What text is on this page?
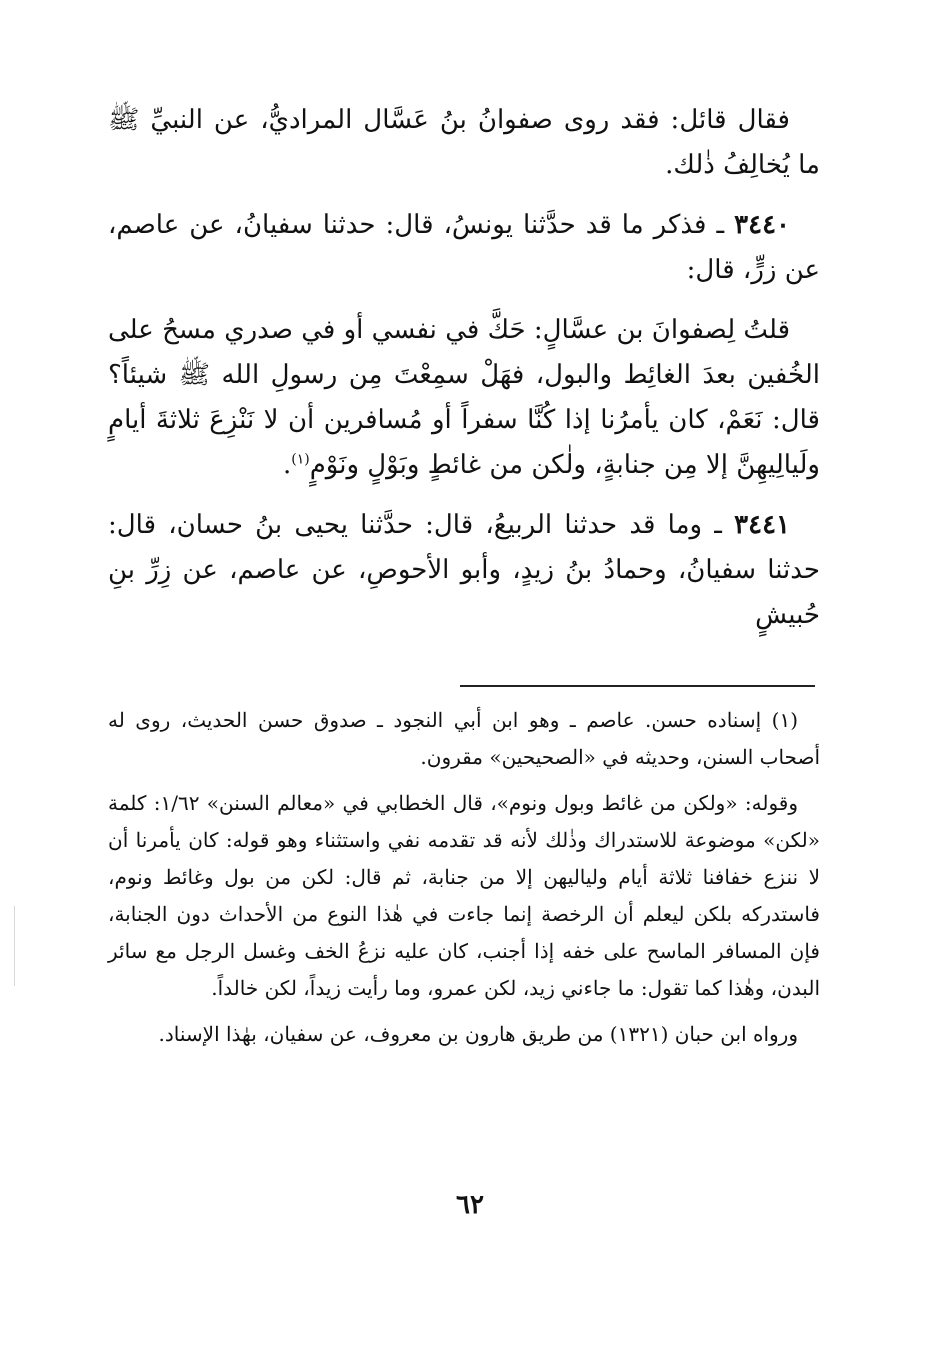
فقال قائل: فقد روى صفوانُ بنُ عَسَّال المراديُّ، عن النبيِّ ﷺ ما يُخالِفُ ذٰلك.

٣٤٤٠ ـ فذكر ما قد حدَّثنا يونسُ، قال: حدثنا سفيانُ، عن عاصم، عن زرٍّ، قال:

قلتُ لِصفوانَ بن عسَّالٍ: حَكَّ في نفسي أو في صدري مسحُ على الخُفين بعدَ الغائِط والبول، فهَلْ سمِعْتَ مِن رسولِ الله ﷺ شيئاً؟ قال: نَعَمْ، كان يأمرُنا إذا كُنَّا سفراً أو مُسافرين أن لا نَنْزِعَ ثلاثةَ أيامٍ ولَيالِيهِنَّ إلا مِن جنابةٍ، ولٰكن من غائطٍ وبَوْلٍ ونَوْمٍ$^{(١)}$.

٣٤٤١ ـ وما قد حدثنا الربيعُ، قال: حدَّثنا يحيى بنُ حسان، قال: حدثنا سفيانُ، وحمادُ بنُ زيدٍ، وأبو الأحوصِ، عن عاصم، عن زِرِّ بنِ حُبيشٍ

(١) إسناده حسن. عاصم ـ وهو ابن أبي النجود ـ صدوق حسن الحديث، روى له أصحاب السنن، وحديثه في «الصحيحين» مقرون.

وقوله: «ولكن من غائط وبول ونوم»، قال الخطابي في «معالم السنن» ١/٦٢: كلمة «لكن» موضوعة للاستدراك وذٰلك لأنه قد تقدمه نفي واستثناء وهو قوله: كان يأمرنا أن لا ننزع خفافنا ثلاثة أيام ولياليهن إلا من جنابة، ثم قال: لكن من بول وغائط ونوم، فاستدركه بلكن ليعلم أن الرخصة إنما جاءت في هٰذا النوع من الأحداث دون الجنابة، فإن المسافر الماسح على خفه إذا أجنب، كان عليه نزعُ الخف وغسل الرجل مع سائر البدن، وهٰذا كما تقول: ما جاءني زيد، لكن عمرو، وما رأيت زيداً، لكن خالداً.

ورواه ابن حبان (١٣٢١) من طريق هارون بن معروف، عن سفيان، بهٰذا الإسناد.

٦٢
